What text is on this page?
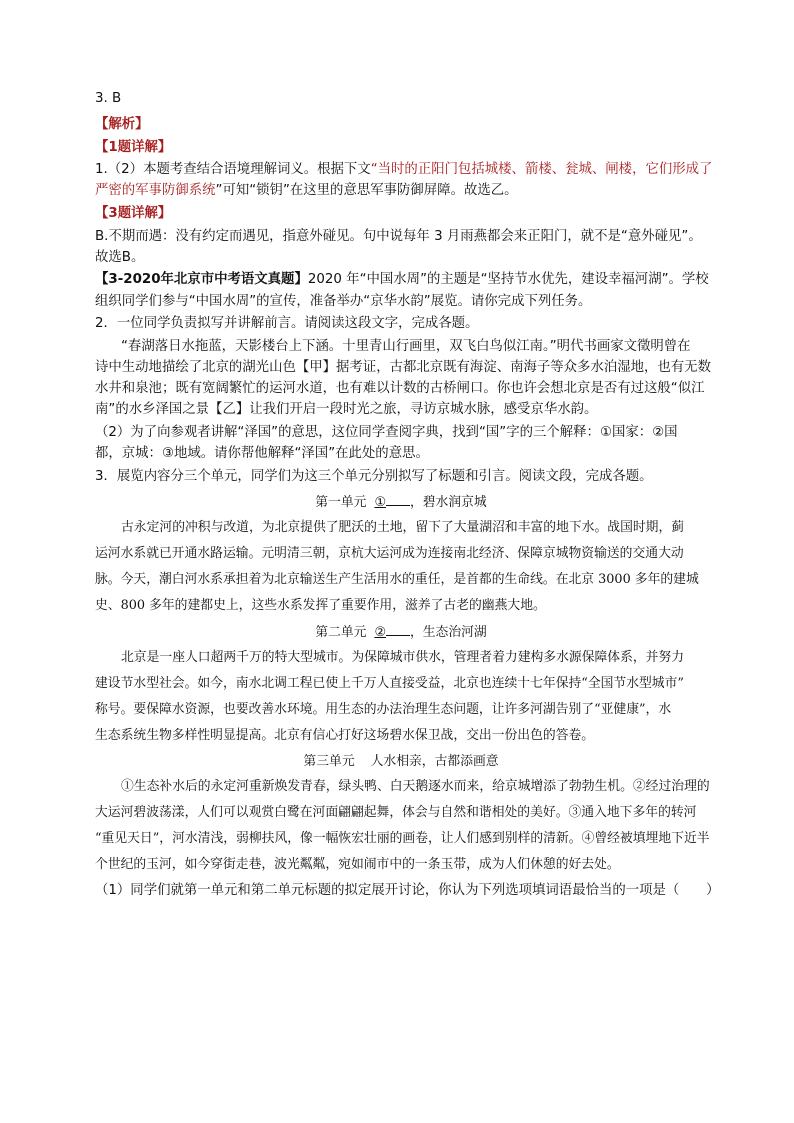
3. B
【解析】
【1题详解】
1.（2）本题考查结合语境理解词义。根据下文“当时的正阳门包括城楼、箭楼、瓮城、闸楼，它们形成了
严密的军事防御系统”可知“锁钥”在这里的意思军事防御屏障。故选乙。
【3题详解】
B.不期而遇：没有约定而遇见，指意外碰见。句中说每年 3 月雨燕都会来正阳门，就不是“意外碰见”。
故选B。
【3-2020年北京市中考语文真题】2020 年“中国水周”的主题是“坚持节水优先，建设幸福河湖”。学校
组织同学们参与“中国水周”的宣传，准备举办“京华水韵”展览。请你完成下列任务。
2．一位同学负责拟写并讲解前言。请阅读这段文字，完成各题。
“春湖落日水拖蓝，天影楼台上下涵。十里青山行画里，双飞白鸟似江南。”明代书画家文徵明曾在
诗中生动地描绘了北京的湖光山色【甲】据考证，古都北京既有海淀、南海子等众多水泊湿地，也有无数
水井和泉池；既有宽阔繁忙的运河水道，也有难以计数的古桥闸口。你也许会想北京是否有过这般“似江
南”的水乡泽国之景【乙】让我们开启一段时光之旅，寻访京城水脉，感受京华水韵。
（2）为了向参观者讲解“泽国”的意思，这位同学查阅字典，找到“国”字的三个解释：①国家：②国
都，京城：③地域。请你帮他解释“泽国”在此处的意思。
3．展览内容分三个单元，同学们为这三个单元分别拟写了标题和引言。阅读文段，完成各题。
第一单元 ① ，碧水润京城
古永定河的冲积与改道，为北京提供了肥沃的土地，留下了大量湖沼和丰富的地下水。战国时期，蓟
运河水系就已开通水路运输。元明清三朝，京杭大运河成为连接南北经济、保障京城物资输送的交通大动
脉。今天，潮白河水系承担着为北京输送生产生活用水的重任，是首都的生命线。在北京 3000 多年的建城
史、800 多年的建都史上，这些水系发挥了重要作用，滋养了古老的幽燕大地。
第二单元 ② ，生态治河湖
北京是一座人口超两千万的特大型城市。为保障城市供水，管理者着力建构多水源保障体系，并努力
建设节水型社会。如今，南水北调工程已使上千万人直接受益，北京也连续十七年保持“全国节水型城市”
称号。要保障水资源，也要改善水环境。用生态的办法治理生态问题，让许多河湖告别了“亚健康”，水
生态系统生物多样性明显提高。北京有信心打好这场碧水保卫战，交出一份出色的答卷。
第三单元 人水相亲，古都添画意
①生态补水后的永定河重新焕发青春，绿头鸭、白天鹅逐水而来，给京城增添了勃勃生机。②经过治理的
大运河碧波荡漾，人们可以观赏白鹭在河面翩翩起舞，体会与自然和谐相处的美好。③通入地下多年的转河
“重见天日”，河水清浅，弱柳扶风，像一幅恢宏壮丽的画卷，让人们感到别样的清新。④曾经被填埋地下近半
个世纪的玉河，如今穿街走巷，波光粼粼，宛如闹市中的一条玉带，成为人们休憩的好去处。
（1）同学们就第一单元和第二单元标题的拟定展开讨论，你认为下列选项填词语最恰当的一项是（　　）
